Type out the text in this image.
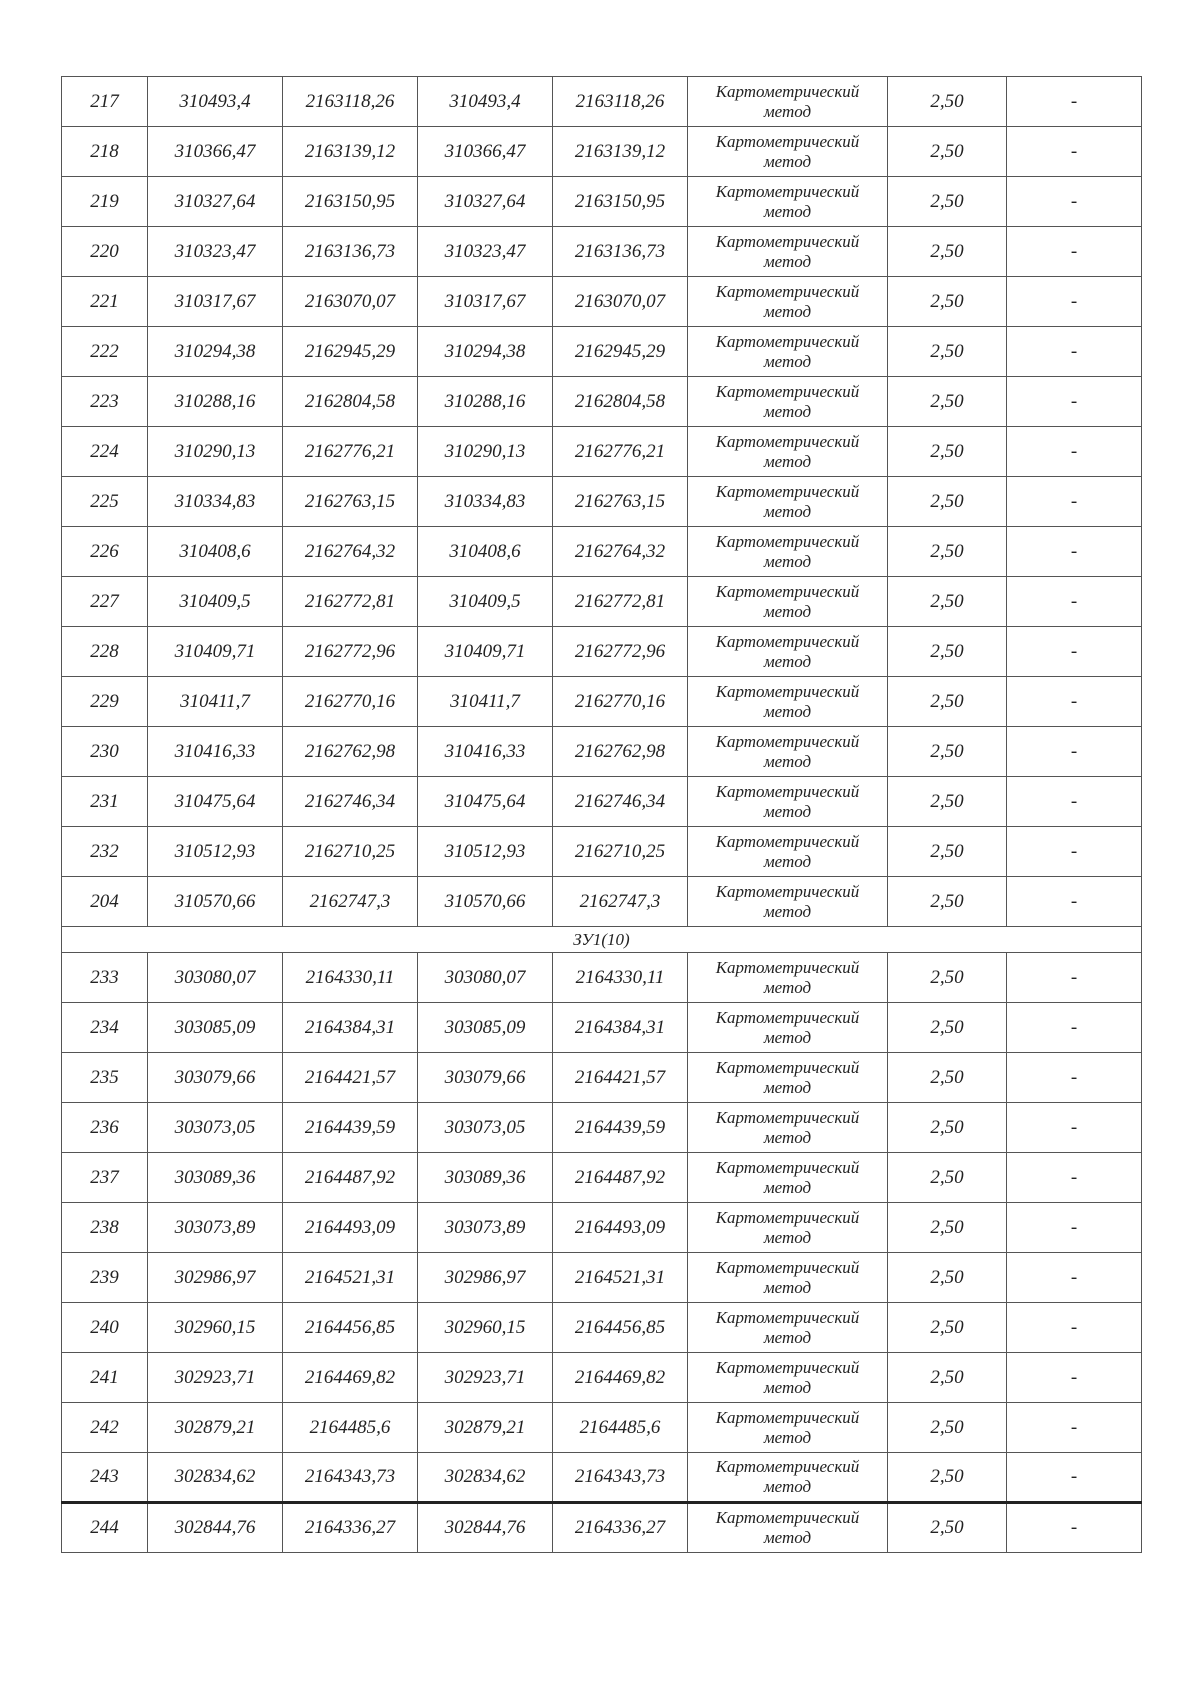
217	310493,4	2163118,26	310493,4	2163118,26	Картометрический
метод	2,50	-
218	310366,47	2163139,12	310366,47	2163139,12	Картометрический
метод	2,50	-
219	310327,64	2163150,95	310327,64	2163150,95	Картометрический
метод	2,50	-
220	310323,47	2163136,73	310323,47	2163136,73	Картометрический
метод	2,50	-
221	310317,67	2163070,07	310317,67	2163070,07	Картометрический
метод	2,50	-
222	310294,38	2162945,29	310294,38	2162945,29	Картометрический
метод	2,50	-
223	310288,16	2162804,58	310288,16	2162804,58	Картометрический
метод	2,50	-
224	310290,13	2162776,21	310290,13	2162776,21	Картометрический
метод	2,50	-
225	310334,83	2162763,15	310334,83	2162763,15	Картометрический
метод	2,50	-
226	310408,6	2162764,32	310408,6	2162764,32	Картометрический
метод	2,50	-
227	310409,5	2162772,81	310409,5	2162772,81	Картометрический
метод	2,50	-
228	310409,71	2162772,96	310409,71	2162772,96	Картометрический
метод	2,50	-
229	310411,7	2162770,16	310411,7	2162770,16	Картометрический
метод	2,50	-
230	310416,33	2162762,98	310416,33	2162762,98	Картометрический
метод	2,50	-
231	310475,64	2162746,34	310475,64	2162746,34	Картометрический
метод	2,50	-
232	310512,93	2162710,25	310512,93	2162710,25	Картометрический
метод	2,50	-
204	310570,66	2162747,3	310570,66	2162747,3	Картометрический
метод	2,50	-
ЗУ1(10)							
233	303080,07	2164330,11	303080,07	2164330,11	Картометрический
метод	2,50	-
234	303085,09	2164384,31	303085,09	2164384,31	Картометрический
метод	2,50	-
235	303079,66	2164421,57	303079,66	2164421,57	Картометрический
метод	2,50	-
236	303073,05	2164439,59	303073,05	2164439,59	Картометрический
метод	2,50	-
237	303089,36	2164487,92	303089,36	2164487,92	Картометрический
метод	2,50	-
238	303073,89	2164493,09	303073,89	2164493,09	Картометрический
метод	2,50	-
239	302986,97	2164521,31	302986,97	2164521,31	Картометрический
метод	2,50	-
240	302960,15	2164456,85	302960,15	2164456,85	Картометрический
метод	2,50	-
241	302923,71	2164469,82	302923,71	2164469,82	Картометрический
метод	2,50	-
242	302879,21	2164485,6	302879,21	2164485,6	Картометрический
метод	2,50	-
243	302834,62	2164343,73	302834,62	2164343,73	Картометрический
метод	2,50	-
244	302844,76	2164336,27	302844,76	2164336,27	Картометрический
метод	2,50	-
